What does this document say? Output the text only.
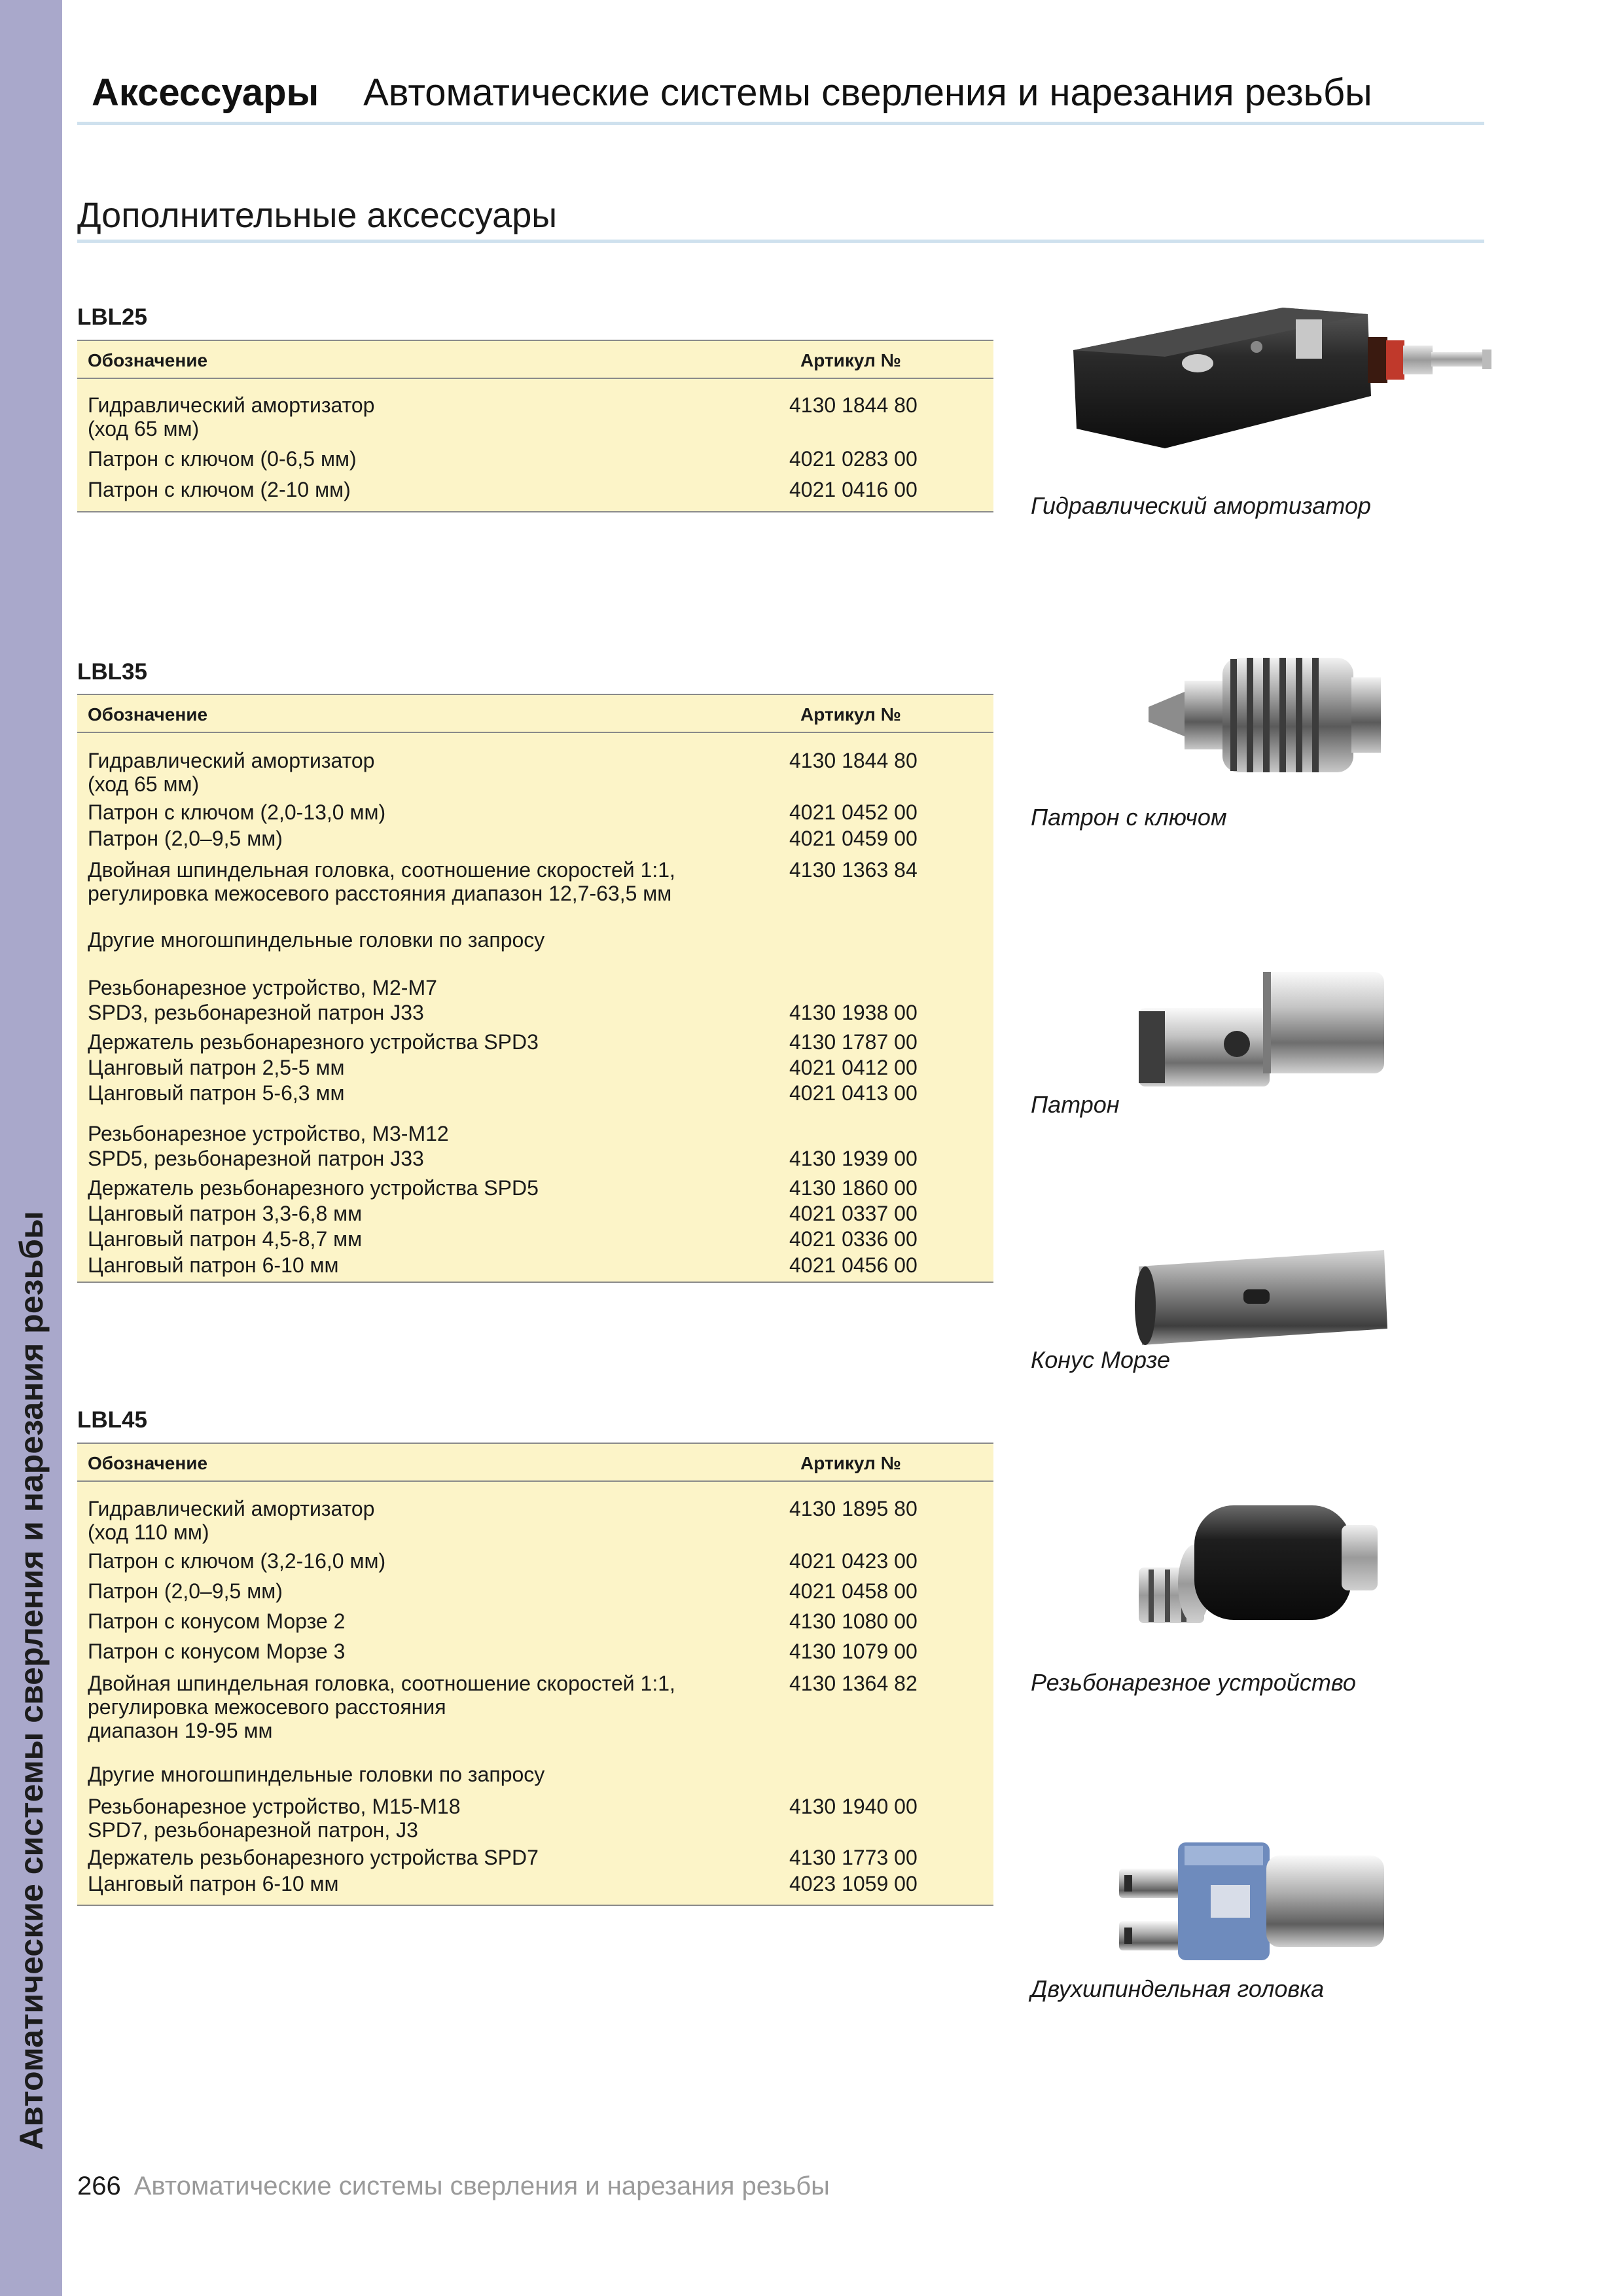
Автоматические системы сверления и нарезания резьбы
Аксессуары Автоматические системы сверления и нарезания резьбы
Дополнительные аксессуары
LBL25
Обозначение	Артикул №
Гидравлический амортизатор
(ход 65 мм)
4130 1844 80
Патрон с ключом (0-6,5 мм)	4021 0283 00
Патрон с ключом (2-10 мм)	4021 0416 00
LBL35
Обозначение	Артикул №
Гидравлический амортизатор
(ход 65 мм)
4130 1844 80
Патрон с ключом (2,0-13,0 мм)	4021 0452 00
Патрон (2,0–9,5 мм)	4021 0459 00
Двойная шпиндельная головка, соотношение скоростей 1:1,
регулировка межосевого расстояния диапазон 12,7-63,5 мм
4130 1363 84
Другие многошпиндельные головки по запросу
Резьбонарезное устройство, M2-M7
SPD3, резьбонарезной патрон J33	4130 1938 00
Держатель резьбонарезного устройства SPD3	4130 1787 00
Цанговый патрон 2,5-5 мм	4021 0412 00
Цанговый патрон 5-6,3 мм	4021 0413 00
Резьбонарезное устройство, M3-M12
SPD5, резьбонарезной патрон J33	4130 1939 00
Держатель резьбонарезного устройства SPD5	4130 1860 00
Цанговый патрон 3,3-6,8 мм	4021 0337 00
Цанговый патрон 4,5-8,7 мм	4021 0336 00
Цанговый патрон 6-10 мм	4021 0456 00
LBL45
Обозначение	Артикул №
Гидравлический амортизатор
(ход 110 мм)
4130 1895 80
Патрон с ключом (3,2-16,0 мм)	4021 0423 00
Патрон (2,0–9,5 мм)	4021 0458 00
Патрон с конусом Морзе 2	4130 1080 00
Патрон с конусом Морзе 3	4130 1079 00
Двойная шпиндельная головка, соотношение скоростей 1:1,
регулировка межосевого расстояния
диапазон 19-95 мм
4130 1364 82
Другие многошпиндельные головки по запросу
Резьбонарезное устройство, M15-M18
SPD7, резьбонарезной патрон, J3
4130 1940 00
Держатель резьбонарезного устройства SPD7	4130 1773 00
Цанговый патрон 6-10 мм	4023 1059 00
Гидравлический амортизатор
Патрон с ключом
Патрон
Конус Морзе
Резьбонарезное устройство
Двухшпиндельная головка
266 Автоматические системы сверления и нарезания резьбы
